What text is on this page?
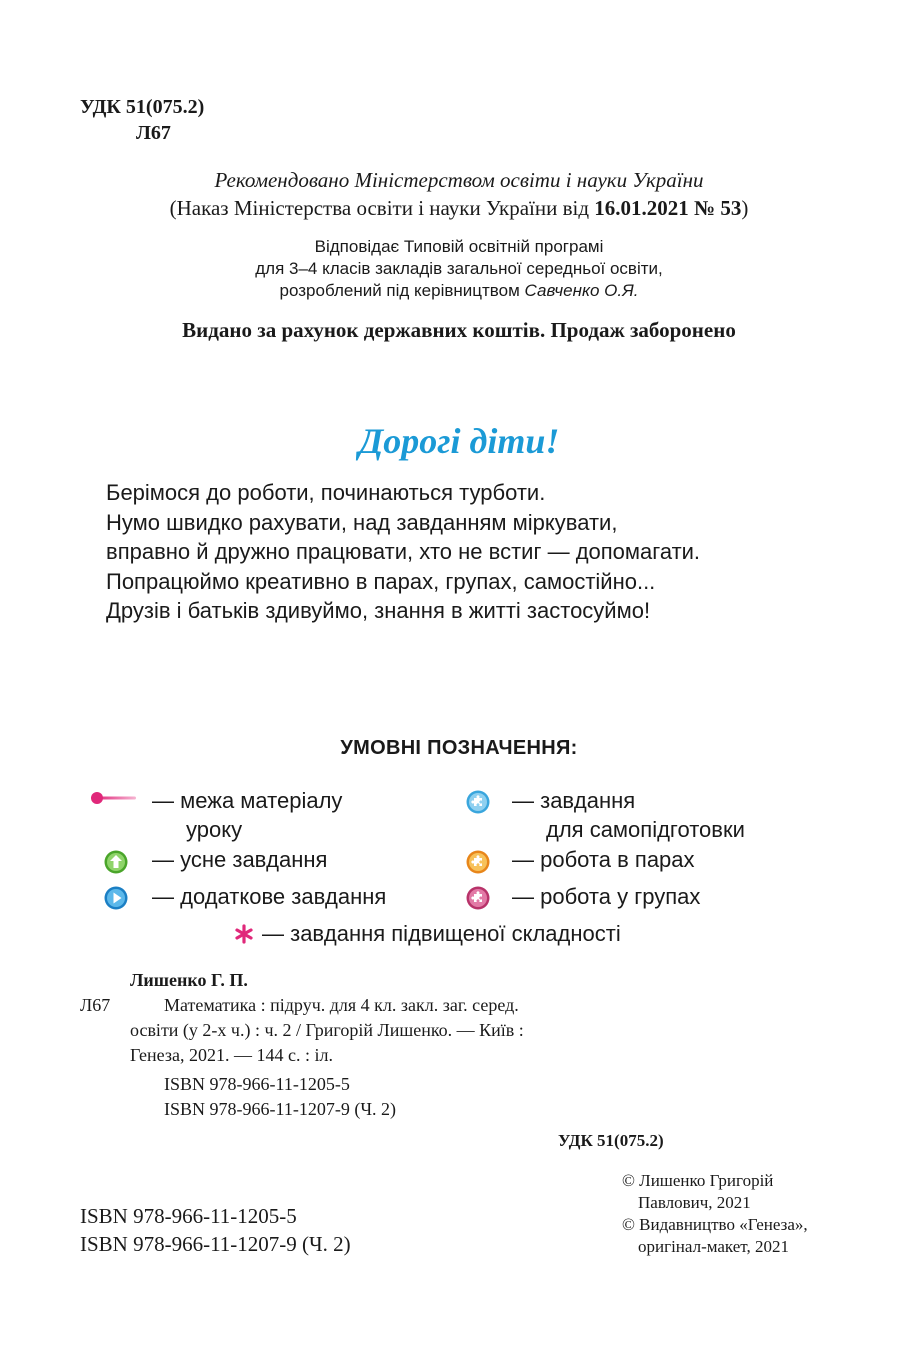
УДК 51(075.2)
Л67
Рекомендовано Міністерством освіти і науки України
(Наказ Міністерства освіти і науки України від 16.01.2021 № 53)
Відповідає Типовій освітній програмі
для 3–4 класів закладів загальної середньої освіти,
розроблений під керівництвом Савченко О.Я.
Видано за рахунок державних коштів. Продаж заборонено
Дорогі діти!
Берімося до роботи, починаються турботи.
Нумо швидко рахувати, над завданням міркувати,
вправно й дружно працювати, хто не встиг — допомагати.
Попрацюймо креативно в парах, групах, самостійно...
Друзів і батьків здивуймо, знання в житті застосуймо!
УМОВНІ ПОЗНАЧЕННЯ:
— межа матеріалу
уроку
— завдання
для самопідготовки
— усне завдання	— робота в парах
— додаткове завдання	— робота у групах
— завдання підвищеної складності
Лишенко Г. П.
Л67	Математика : підруч. для 4 кл. закл. заг. серед.
освіти (у 2-х ч.) : ч. 2 / Григорій Лишенко. — Київ :
Генеза, 2021. — 144 с. : іл.
ISBN 978-966-11-1205-5
ISBN 978-966-11-1207-9 (Ч. 2)
УДК 51(075.2)
ISBN 978-966-11-1205-5
ISBN 978-966-11-1207-9 (Ч. 2)
© Лишенко Григорій
Павлович, 2021
© Видавництво «Генеза»,
оригінал-макет, 2021
